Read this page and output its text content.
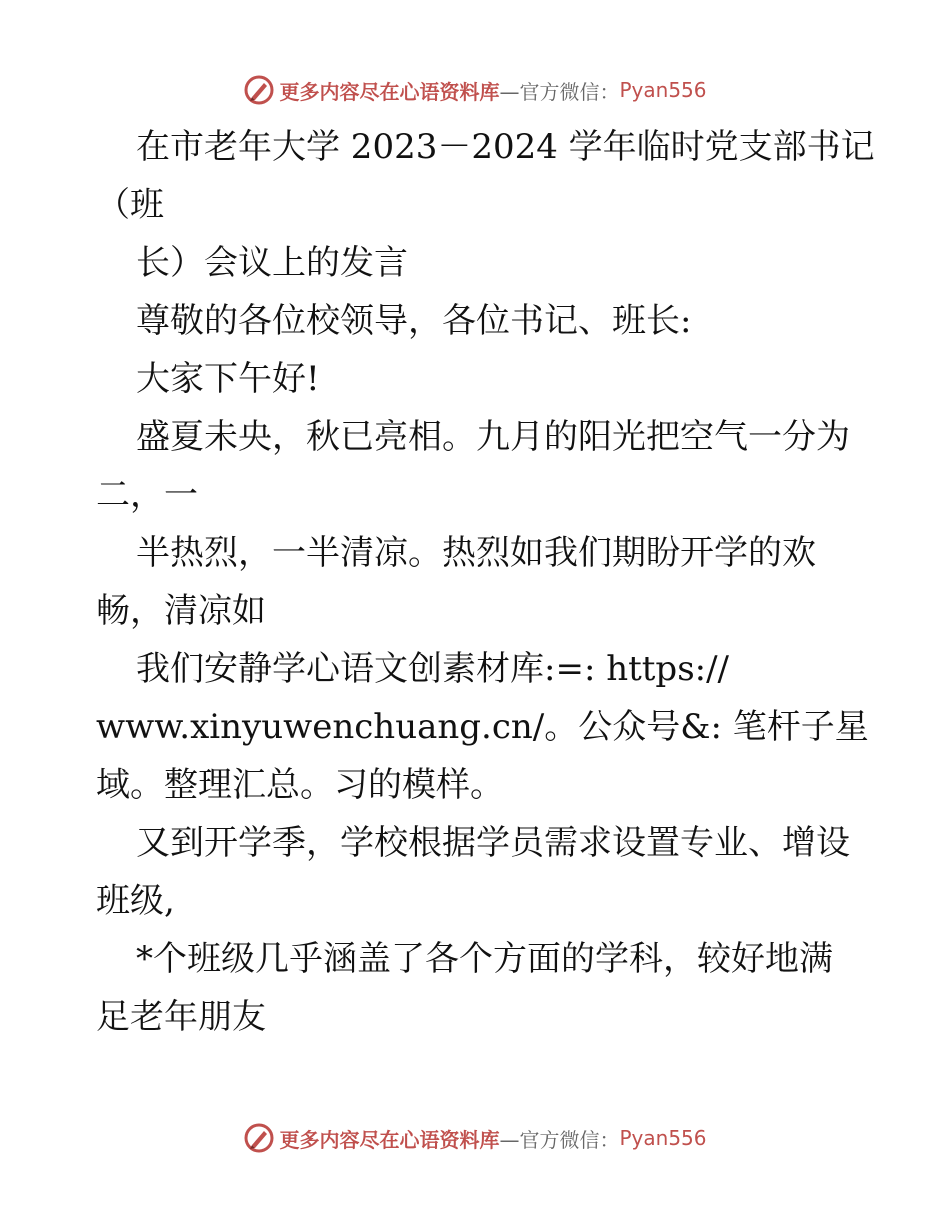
更多内容尽在心语资料库 —官方微信： Pyan556
在市老年大学 2023－2024 学年临时党支部书记
（班
长）会议上的发言
尊敬的各位校领导，各位书记、班长:
大家下午好!
盛夏未央，秋已亮相。九月的阳光把空气一分为
二，一
半热烈，一半清凉。热烈如我们期盼开学的欢
畅，清凉如
我们安静学心语文创素材库:=: https://
www.xinyuwenchuang.cn/。公众号&: 笔杆子星
域。整理汇总。习的模样。
又到开学季，学校根据学员需求设置专业、增设
班级,
*个班级几乎涵盖了各个方面的学科，较好地满
足老年朋友
更多内容尽在心语资料库 —官方微信： Pyan556
